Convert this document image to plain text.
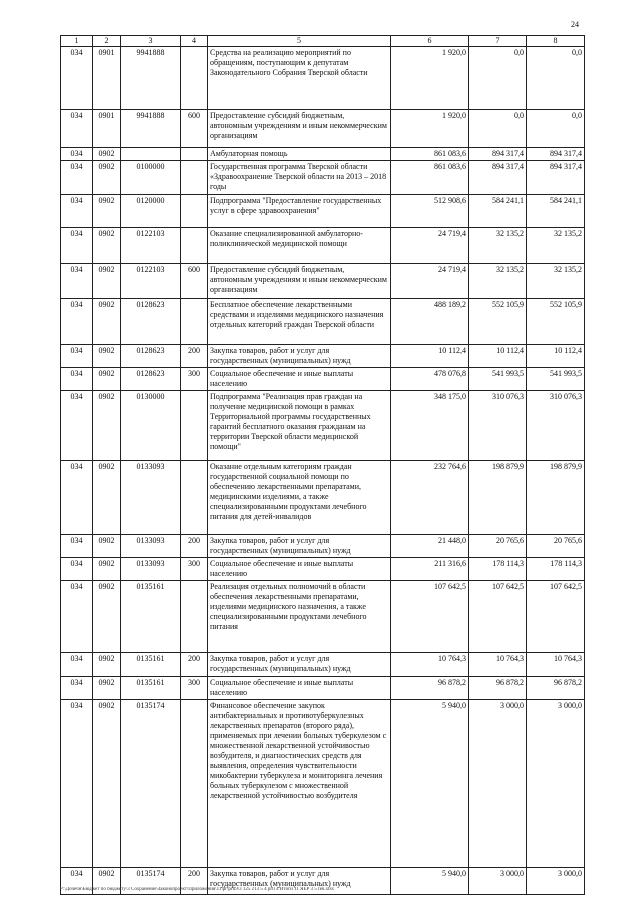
24
1	2	3	4	5	6	7	8
034	0901	9941888		Средства на реализацию мероприятий по обращениям, поступающим к депутатам Законодательного Собрания Тверской области	1 920,0	0,0	0,0
034	0901	9941888	600	Предоставление субсидий бюджетным, автономным учреждениям и иным некоммерческим организациям	1 920,0	0,0	0,0
034	0902			Амбулаторная помощь	861 083,6	894 317,4	894 317,4
034	0902	0100000		Государственная программа Тверской области «Здравоохранение Тверской области на 2013 – 2018 годы	861 083,6	894 317,4	894 317,4
034	0902	0120000		Подпрограмма "Предоставление государственных услуг в сфере здравоохранения"	512 908,6	584 241,1	584 241,1
034	0902	0122103		Оказание специализированной амбулаторно-поликлинической медицинской помощи	24 719,4	32 135,2	32 135,2
034	0902	0122103	600	Предоставление субсидий бюджетным, автономным учреждениям и иным некоммерческим организациям	24 719,4	32 135,2	32 135,2
034	0902	0128623		Бесплатное обеспечение лекарственными средствами и изделиями медицинского назначения отдельных категорий граждан Тверской области	488 189,2	552 105,9	552 105,9
034	0902	0128623	200	Закупка товаров, работ и услуг для государственных (муниципальных) нужд	10 112,4	10 112,4	10 112,4
034	0902	0128623	300	Социальное обеспечение и иные выплаты населению	478 076,8	541 993,5	541 993,5
034	0902	0130000		Подпрограмма "Реализация прав граждан на получение медицинской помощи в рамках Территориальной программы государственных гарантий бесплатного оказания гражданам на территории Тверской области медицинской помощи"	348 175,0	310 076,3	310 076,3
034	0902	0133093		Оказание отдельным категориям граждан государственной социальной помощи по обеспечению лекарственными препаратами, медицинскими изделиями, а также специализированными продуктами лечебного питания для детей-инвалидов	232 764,6	198 879,9	198 879,9
034	0902	0133093	200	Закупка товаров, работ и услуг для государственных (муниципальных) нужд	21 448,0	20 765,6	20 765,6
034	0902	0133093	300	Социальное обеспечение и иные выплаты населению	211 316,6	178 114,3	178 114,3
034	0902	0135161		Реализация отдельных полномочий в области обеспечения лекарственными препаратами, изделиями медицинского назначения, а также специализированными продуктами лечебного питания	107 642,5	107 642,5	107 642,5
034	0902	0135161	200	Закупка товаров, работ и услуг для государственных (муниципальных) нужд	10 764,3	10 764,3	10 764,3
034	0902	0135161	300	Социальное обеспечение и иные выплаты населению	96 878,2	96 878,2	96 878,2
034	0902	0135174		Финансовое обеспечение закупок антибактериальных и противотуберкулезных лекарственных препаратов (второго ряда), применяемых при лечении больных туберкулезом с множественной лекарственной устойчивостью возбудителя, и диагностических средств для выявления, определения чувствительности микобактерии туберкулеза и мониторинга лечения больных туберкулезом с множественной лекарственной устойчивостью возбудителя	5 940,0	3 000,0	3 000,0
034	0902	0135174	200	Закупка товаров, работ и услуг для государственных (муниципальных) нужд	5 940,0	3 000,0	3 000,0
Р:\Дочечн\Бюджет по бюджету\3 Сохранение\Законопроект\Приложения\11\pr\pril9\3 125 213 5 4 pril 4 Итоги 11 ЯЕР 3 5 ren.xlsx
